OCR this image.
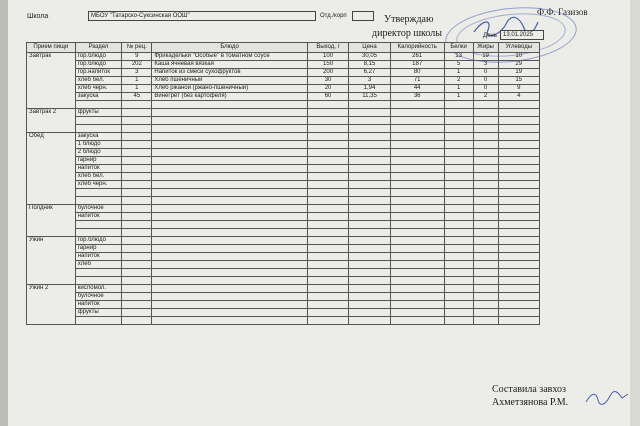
Школа	МБОУ "Татарско-Суксинская ООШ"	Отд./корп	Утверждаю
директор школы
Ф.Ф. Газизов
День 13.01.2025
Прием пищи	Раздел	№ рец.	Блюдо	Выход, г	Цена	Калорийность	Белки	Жиры	Углеводы
Завтрак	гор.блюдо	9	Фрикадельки "Особые" в томатном соусе	100	30,05	261	13	19	10
	гор.блюдо	202	Каша ячневая вязкая	150	8,15	187	5	3	29
	гор.напиток	3	Напиток из смеси сухофруктов	200	6,27	80	1	0	19
	хлеб бел.	1	Хлеб пшеничный	30	3	71	2	0	15
	хлеб черн.	1	Хлеб ржаной (ржано-пшеничный)	20	1,94	44	1	0	9
	закуска	45	Винегрет (без картофеля)	60	11,35	36	1	2	4

Завтрак 2	фрукты								

Обед	закуска								
	1 блюдо								
	2 блюдо								
	гарнир								
	напиток								
	хлеб бел.								
	хлеб черн.								

Полдник	булочное								
	напиток								

Ужин	гор.блюдо								
	гарнир								
	напиток								
	хлеб								

Ужин 2	кисломол.								
	булочное								
	напиток								
	фрукты								

Составила завхоз
Ахметзянова Р.М.
